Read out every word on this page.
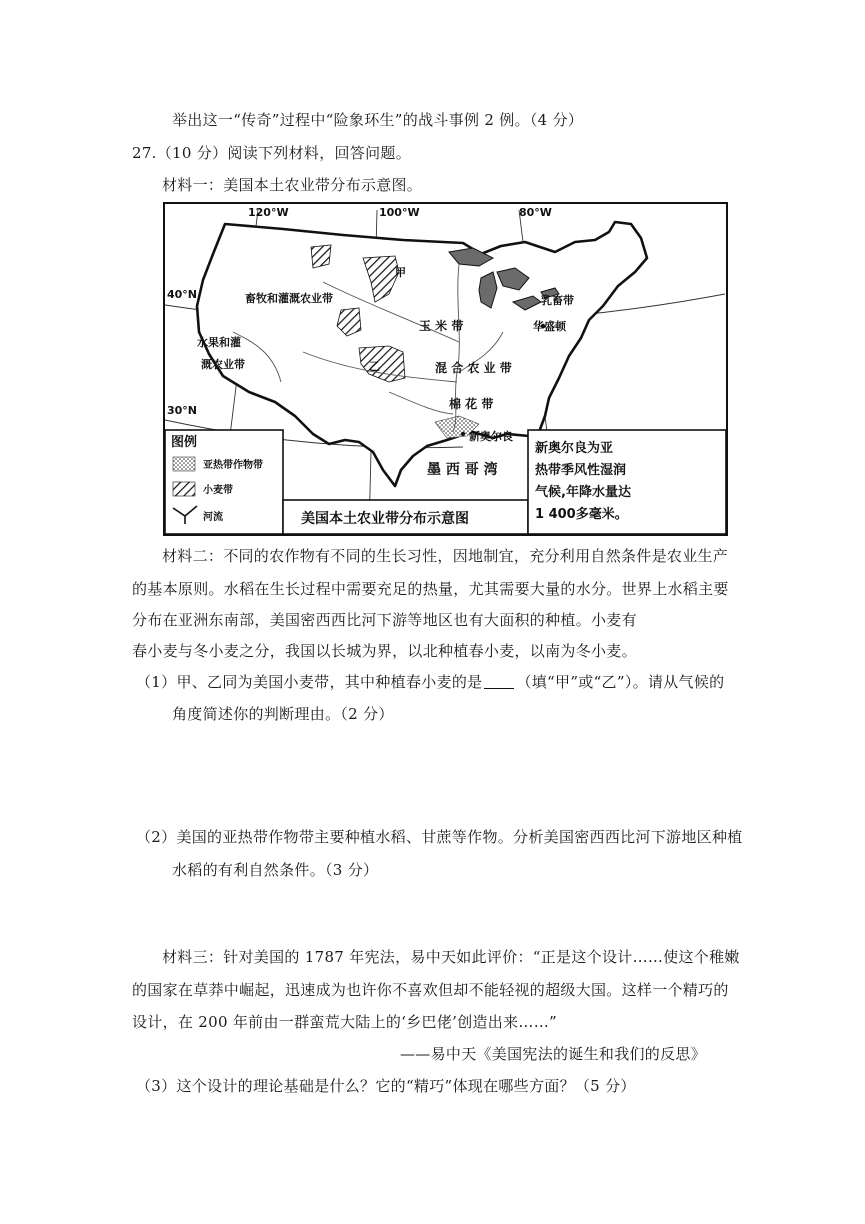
举出这一“传奇”过程中“险象环生”的战斗事例 2 例。（4 分）
27.（10 分）阅读下列材料，回答问题。
材料一：美国本土农业带分布示意图。
120°W	100°W	80°W
40°N
30°N
畜牧和灌溉农业带
水果和灌
溉农业带
玉 米 带
混 合 农 业 带
棉 花 带
乳畜带
甲
乙
华盛顿
新奥尔良
墨 西 哥 湾
图例
亚热带作物带
小麦带
河流	美国本土农业带分布示意图
新奥尔良为亚
热带季风性湿润
气候,年降水量达
1 400多毫米。
材料二：不同的农作物有不同的生长习性，因地制宜，充分利用自然条件是农业生产
的基本原则。水稻在生长过程中需要充足的热量，尤其需要大量的水分。世界上水稻主要
分布在亚洲东南部，美国密西西比河下游等地区也有大面积的种植。小麦有
春小麦与冬小麦之分，我国以长城为界，以北种植春小麦，以南为冬小麦。
（1）甲、乙同为美国小麦带，其中种植春小麦的是 （填“甲”或“乙”）。请从气候的
角度简述你的判断理由。（2 分）
（2）美国的亚热带作物带主要种植水稻、甘蔗等作物。分析美国密西西比河下游地区种植
水稻的有利自然条件。（3 分）
材料三：针对美国的 1787 年宪法，易中天如此评价：“正是这个设计……使这个稚嫩
的国家在草莽中崛起，迅速成为也许你不喜欢但却不能轻视的超级大国。这样一个精巧的
设计，在 200 年前由一群蛮荒大陆上的‘乡巴佬’创造出来……”
——易中天《美国宪法的诞生和我们的反思》
（3）这个设计的理论基础是什么？它的“精巧”体现在哪些方面？（5 分）
